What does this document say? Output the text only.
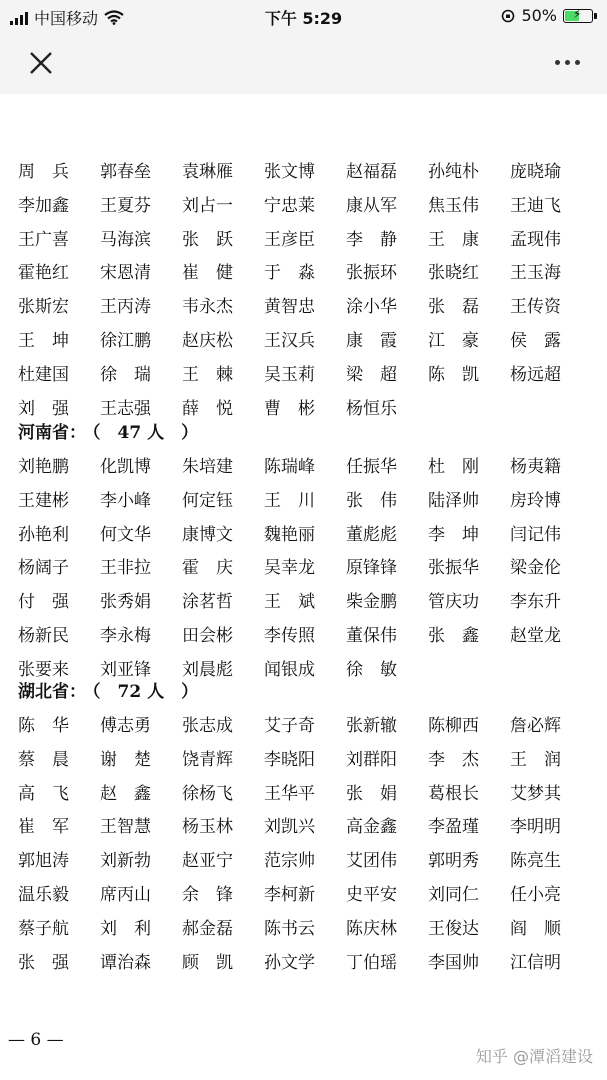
中国移动	下午 5:29	50% ⚡
周　兵 郭春垒 袁琳雁 张文博 赵福磊 孙纯朴 庞晓瑜
李加鑫 王夏芬 刘占一 宁忠莱 康从军 焦玉伟 王迪飞
王广喜 马海滨 张　跃 王彦臣 李　静 王　康 孟现伟
霍艳红 宋恩清 崔　健 于　淼 张振环 张晓红 王玉海
张斯宏 王丙涛 韦永杰 黄智忠 涂小华 张　磊 王传资
王　坤 徐江鹏 赵庆松 王汉兵 康　霞 江　豪 侯　露
杜建国 徐　瑞 王　棘 吴玉莉 梁　超 陈　凯 杨远超
刘　强 王志强 薛　悦 曹　彬 杨恒乐
河南省： （　47 人　）
刘艳鹏 化凯博 朱培建 陈瑞峰 任振华 杜　刚 杨夷籍
王建彬 李小峰 何定钰 王　川 张　伟 陆泽帅 房玲博
孙艳利 何文华 康博文 魏艳丽 董彪彪 李　坤 闫记伟
杨阔子 王非拉 霍　庆 吴幸龙 原锋锋 张振华 梁金伦
付　强 张秀娟 涂茗哲 王　斌 柴金鹏 管庆功 李东升
杨新民 李永梅 田会彬 李传照 董保伟 张　鑫 赵堂龙
张要来 刘亚锋 刘晨彪 闻银成 徐　敏
湖北省： （　72 人　）
陈　华 傅志勇 张志成 艾子奇 张新辙 陈柳西 詹必辉
蔡　晨 谢　楚 饶青辉 李晓阳 刘群阳 李　杰 王　润
高　飞 赵　鑫 徐杨飞 王华平 张　娟 葛根长 艾梦其
崔　军 王智慧 杨玉林 刘凯兴 高金鑫 李盈瑾 李明明
郭旭涛 刘新勃 赵亚宁 范宗帅 艾团伟 郭明秀 陈亮生
温乐毅 席丙山 余　锋 李柯新 史平安 刘同仁 任小亮
蔡子航 刘　利 郝金磊 陈书云 陈庆林 王俊达 阎　顺
张　强 谭治森 顾　凯 孙文学 丁伯瑶 李国帅 江信明
— 6 —
知乎 @潭滔建设
